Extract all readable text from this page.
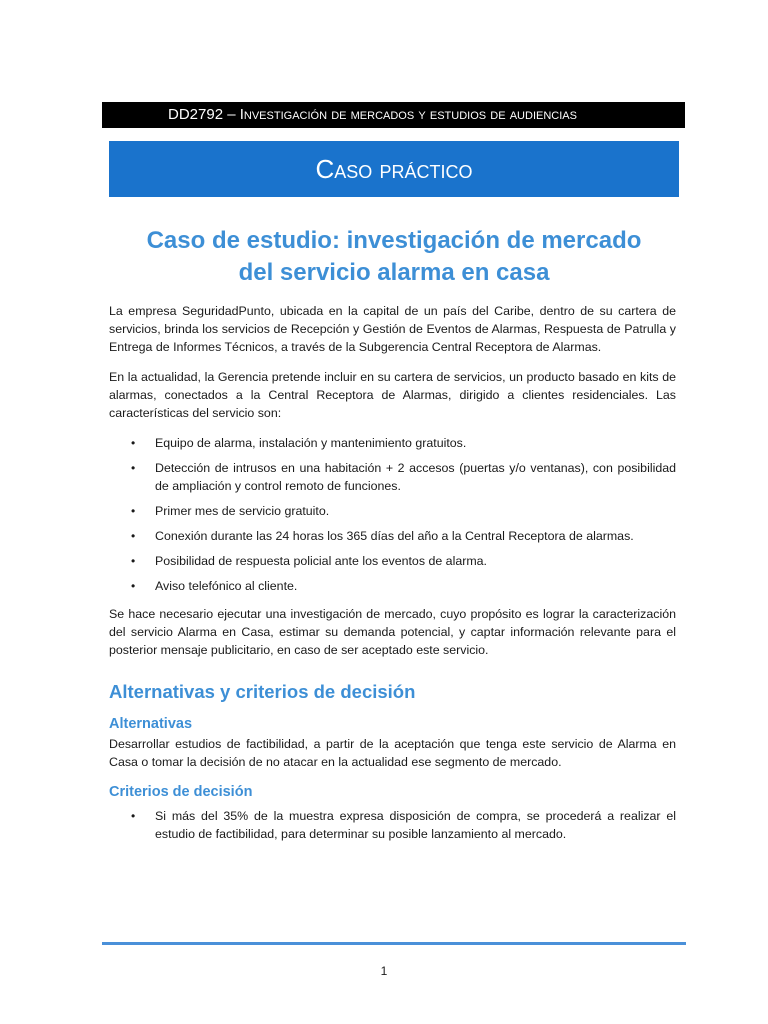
DD2792 – Investigación de mercados y estudios de audiencias
Caso práctico
Caso de estudio: investigación de mercado
del servicio alarma en casa

La empresa SeguridadPunto, ubicada en la capital de un país del Caribe, dentro de su cartera de servicios, brinda los servicios de Recepción y Gestión de Eventos de Alarmas, Respuesta de Patrulla y Entrega de Informes Técnicos, a través de la Subgerencia Central Receptora de Alarmas.

En la actualidad, la Gerencia pretende incluir en su cartera de servicios, un producto basado en kits de alarmas, conectados a la Central Receptora de Alarmas, dirigido a clientes residenciales. Las características del servicio son:

• Equipo de alarma, instalación y mantenimiento gratuitos.
• Detección de intrusos en una habitación + 2 accesos (puertas y/o ventanas), con posibilidad de ampliación y control remoto de funciones.
• Primer mes de servicio gratuito.
• Conexión durante las 24 horas los 365 días del año a la Central Receptora de alarmas.
• Posibilidad de respuesta policial ante los eventos de alarma.
• Aviso telefónico al cliente.

Se hace necesario ejecutar una investigación de mercado, cuyo propósito es lograr la caracterización del servicio Alarma en Casa, estimar su demanda potencial, y captar información relevante para el posterior mensaje publicitario, en caso de ser aceptado este servicio.

Alternativas y criterios de decisión
Alternativas

Desarrollar estudios de factibilidad, a partir de la aceptación que tenga este servicio de Alarma en Casa o tomar la decisión de no atacar en la actualidad ese segmento de mercado.

Criterios de decisión
• Si más del 35% de la muestra expresa disposición de compra, se procederá a realizar el estudio de factibilidad, para determinar su posible lanzamiento al mercado.
1
